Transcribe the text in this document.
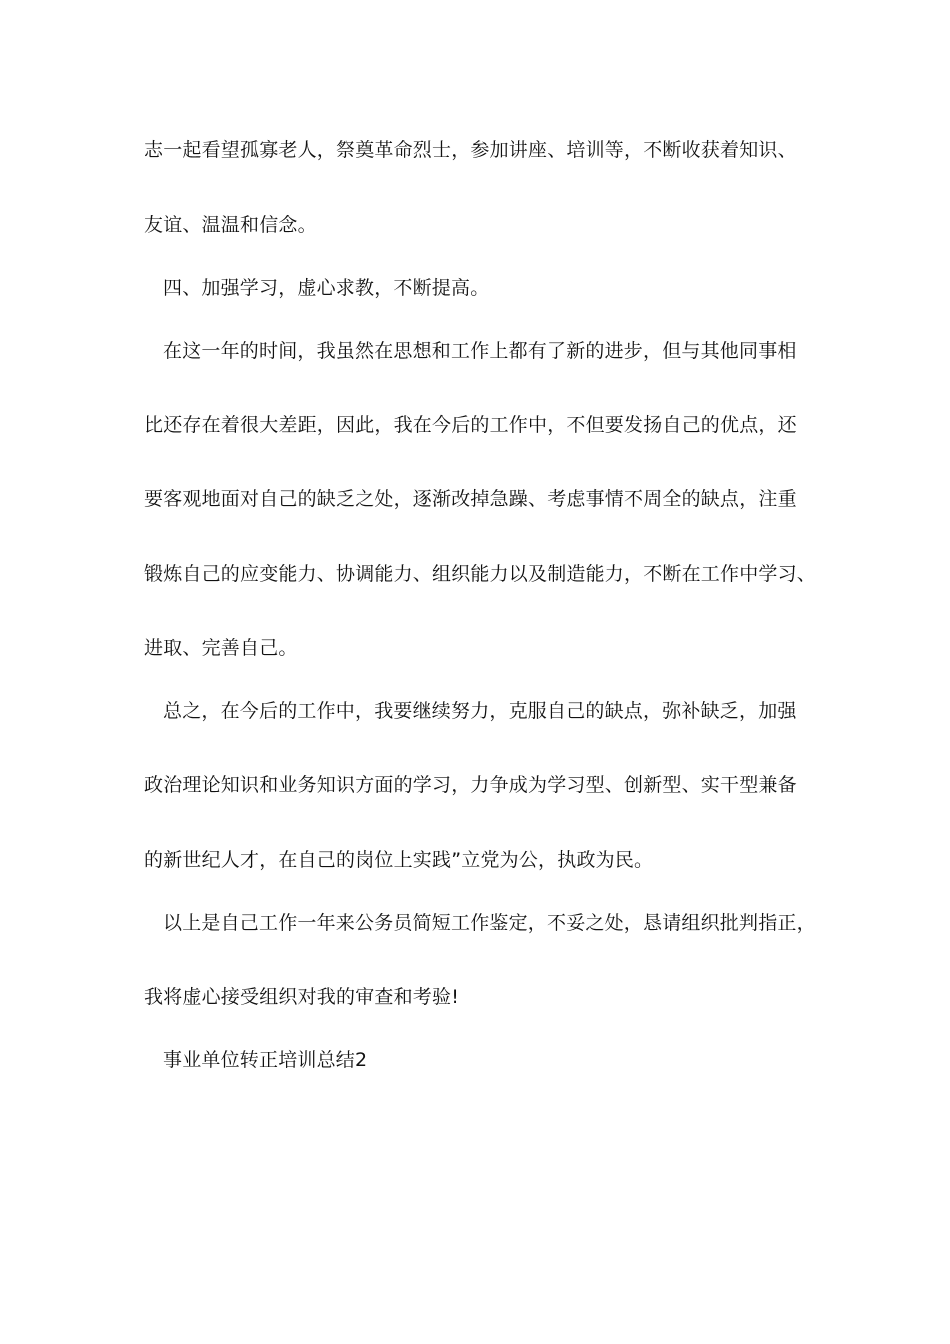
志一起看望孤寡老人，祭奠革命烈士，参加讲座、培训等，不断收获着知识、
友谊、温温和信念。
四、加强学习，虚心求教，不断提高。
在这一年的时间，我虽然在思想和工作上都有了新的进步，但与其他同事相
比还存在着很大差距，因此，我在今后的工作中，不但要发扬自己的优点，还
要客观地面对自己的缺乏之处，逐渐改掉急躁、考虑事情不周全的缺点，注重
锻炼自己的应变能力、协调能力、组织能力以及制造能力，不断在工作中学习、
进取、完善自己。
总之，在今后的工作中，我要继续努力，克服自己的缺点，弥补缺乏，加强
政治理论知识和业务知识方面的学习，力争成为学习型、创新型、实干型兼备
的新世纪人才，在自己的岗位上实践”立党为公，执政为民。
以上是自己工作一年来公务员简短工作鉴定，不妥之处，恳请组织批判指正，
我将虚心接受组织对我的审查和考验!
事业单位转正培训总结2
